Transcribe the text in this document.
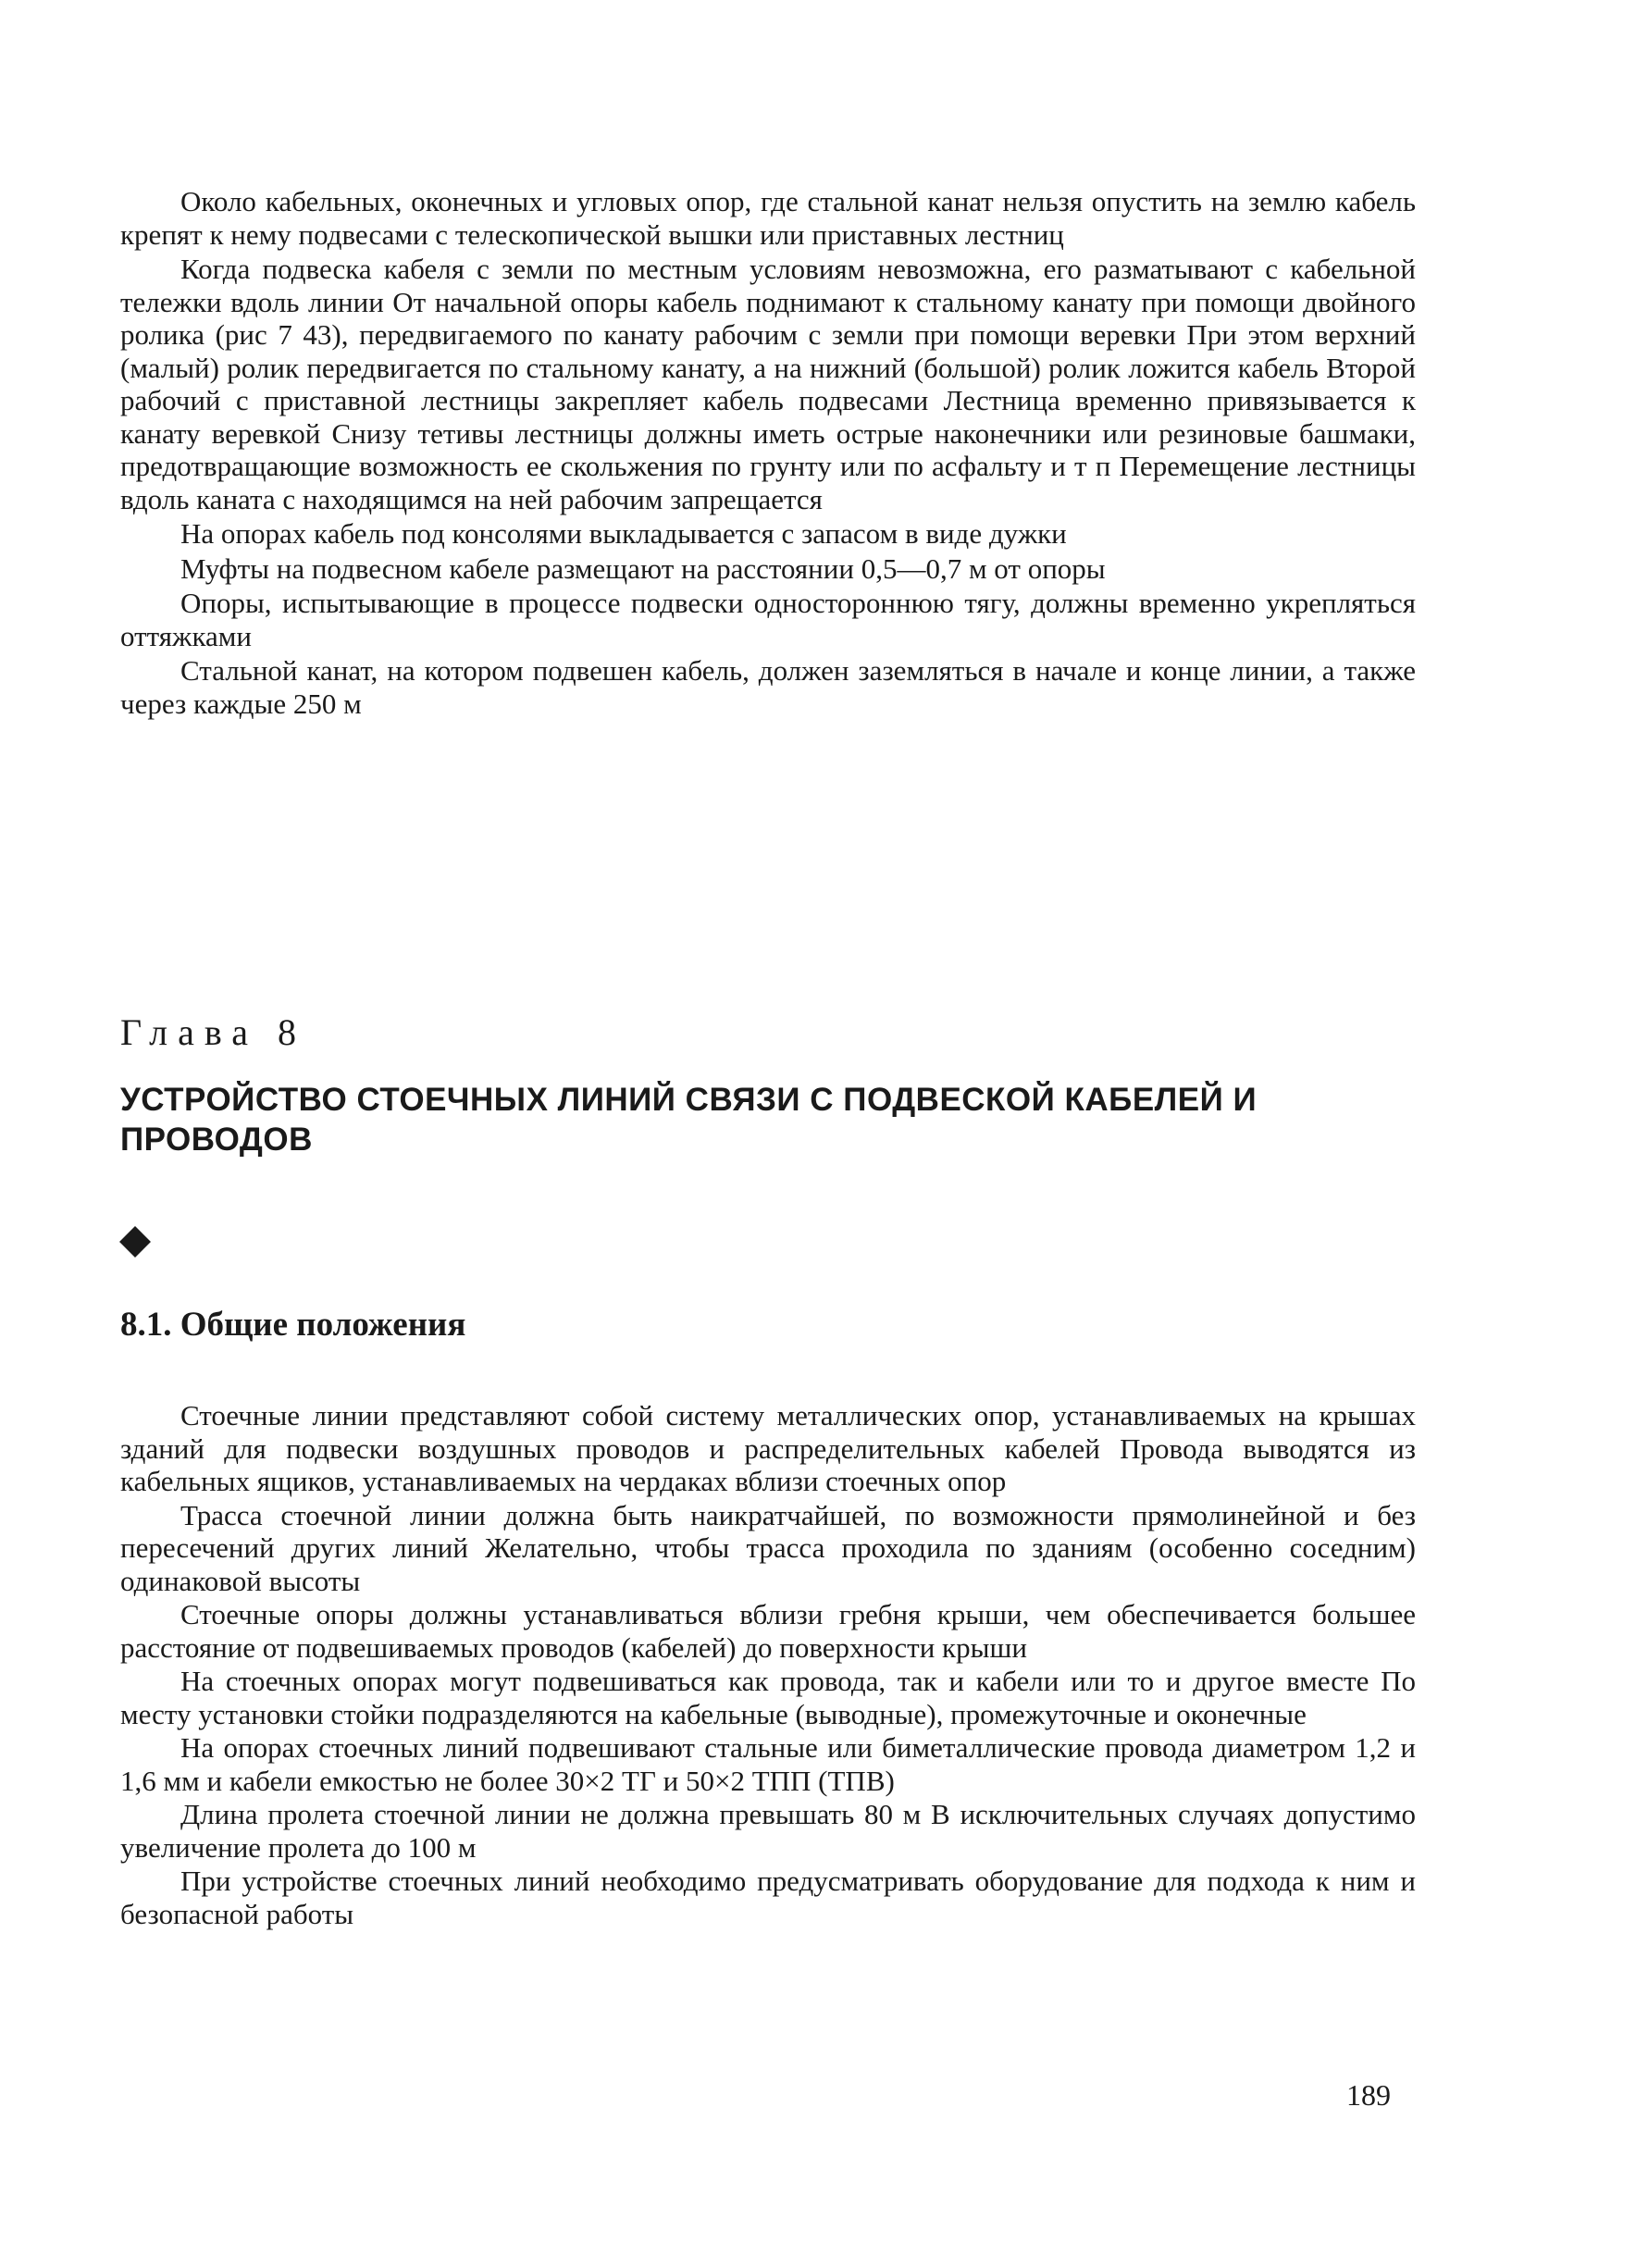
Около кабельных, оконечных и угловых опор, где стальной канат нельзя опустить на землю кабель крепят к нему подвесами с телескопической вышки или приставных лестниц

Когда подвеска кабеля с земли по местным условиям невозможна, его разматывают с кабельной тележки вдоль линии От начальной опоры кабель поднимают к стальному канату при помощи двойного ролика (рис 7 43), передвигаемого по канату рабочим с земли при помощи веревки При этом верхний (малый) ролик передвигается по стальному канату, а на нижний (большой) ролик ложится кабель Второй рабочий с приставной лестницы закрепляет кабель подвесами Лестница временно привязывается к канату веревкой Снизу тетивы лестницы должны иметь острые наконечники или резиновые башмаки, предотвращающие возможность ее скольжения по грунту или по асфальту и т п Перемещение лестницы вдоль каната с находящимся на ней рабочим запрещается

На опорах кабель под консолями выкладывается с запасом в виде дужки

Муфты на подвесном кабеле размещают на расстоянии 0,5—0,7 м от опоры

Опоры, испытывающие в процессе подвески одностороннюю тягу, должны временно укрепляться оттяжками

Стальной канат, на котором подвешен кабель, должен заземляться в начале и конце линии, а также через каждые 250 м

Глава 8

УСТРОЙСТВО СТОЕЧНЫХ ЛИНИЙ СВЯЗИ С ПОДВЕСКОЙ КАБЕЛЕЙ И ПРОВОДОВ
8.1. Общие положения

Стоечные линии представляют собой систему металлических опор, устанавливаемых на крышах зданий для подвески воздушных проводов и распределительных кабелей Провода выводятся из кабельных ящиков, устанавливаемых на чердаках вблизи стоечных опор

Трасса стоечной линии должна быть наикратчайшей, по возможности прямолинейной и без пересечений других линий Желательно, чтобы трасса проходила по зданиям (особенно соседним) одинаковой высоты

Стоечные опоры должны устанавливаться вблизи гребня крыши, чем обеспечивается большее расстояние от подвешиваемых проводов (кабелей) до поверхности крыши

На стоечных опорах могут подвешиваться как провода, так и кабели или то и другое вместе По месту установки стойки подразделяются на кабельные (выводные), промежуточные и оконечные

На опорах стоечных линий подвешивают стальные или биметаллические провода диаметром 1,2 и 1,6 мм и кабели емкостью не более 30×2 ТГ и 50×2 ТПП (ТПВ)

Длина пролета стоечной линии не должна превышать 80 м В исключительных случаях допустимо увеличение пролета до 100 м

При устройстве стоечных линий необходимо предусматривать оборудование для подхода к ним и безопасной работы

189
